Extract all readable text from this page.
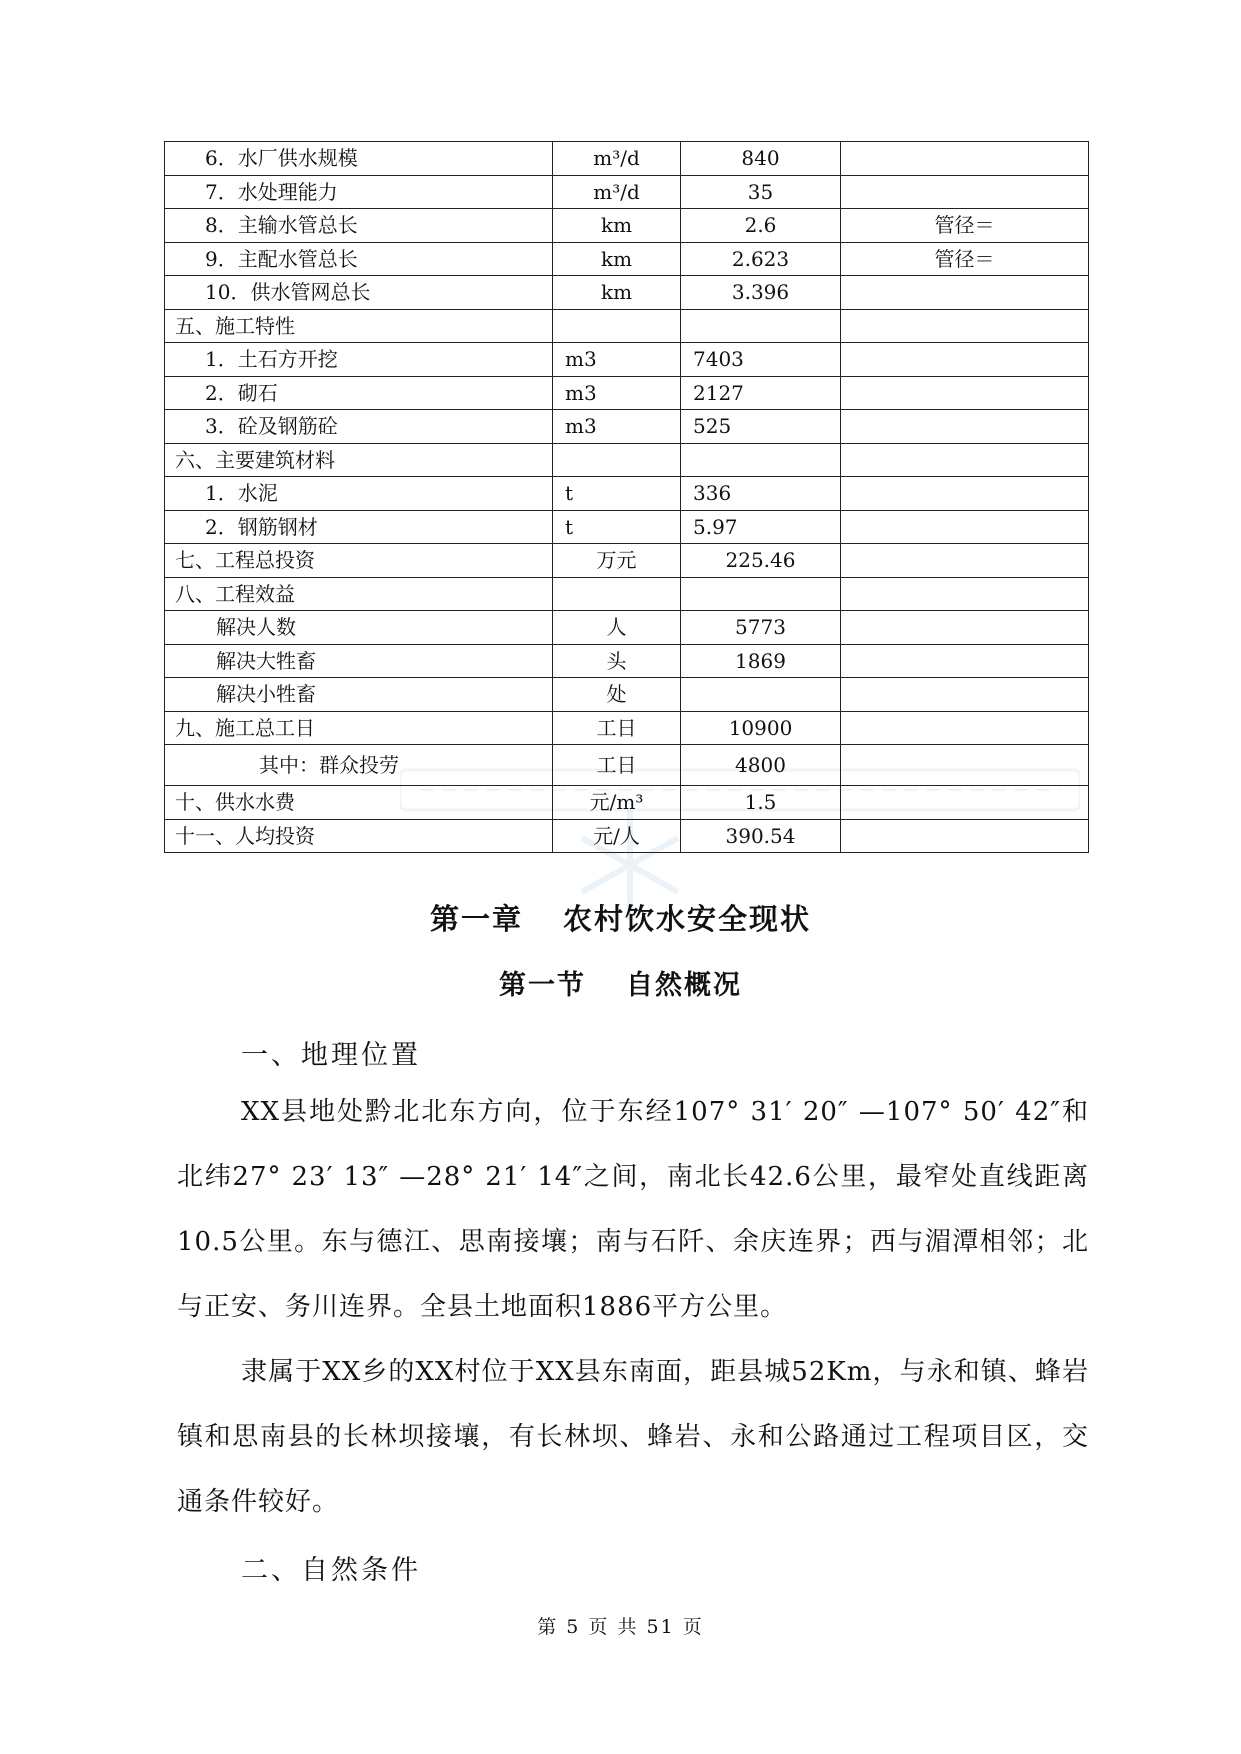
6．水厂供水规模	m³/d	840	
7．水处理能力	m³/d	35	
8．主输水管总长	km	2.6	管径＝
9．主配水管总长	km	2.623	管径＝
10．供水管网总长	km	3.396	
五、施工特性			
1．土石方开挖	m3	7403	
2．砌石	m3	2127	
3．砼及钢筋砼	m3	525	
六、主要建筑材料			
1．水泥	t	336	
2．钢筋钢材	t	5.97	
七、工程总投资	万元	225.46	
八、工程效益			
解决人数	人	5773	
解决大牲畜	头	1869	
解决小牲畜	处		
九、施工总工日	工日	10900	
其中：群众投劳	工日	4800	
十、供水水费	元/m³	1.5	
十一、人均投资	元/人	390.54	
第一章 农村饮水安全现状
第一节 自然概况
一、地理位置
XX县地处黔北北东方向，位于东经107° 31′ 20″ —107° 50′ 42″和北纬27° 23′ 13″ —28° 21′ 14″之间，南北长42.6公里，最窄处直线距离10.5公里。东与德江、思南接壤；南与石阡、余庆连界；西与湄潭相邻；北与正安、务川连界。全县土地面积1886平方公里。
隶属于XX乡的XX村位于XX县东南面，距县城52Km，与永和镇、蜂岩镇和思南县的长林坝接壤，有长林坝、蜂岩、永和公路通过工程项目区，交通条件较好。
二、自然条件
第 5 页 共 51 页
